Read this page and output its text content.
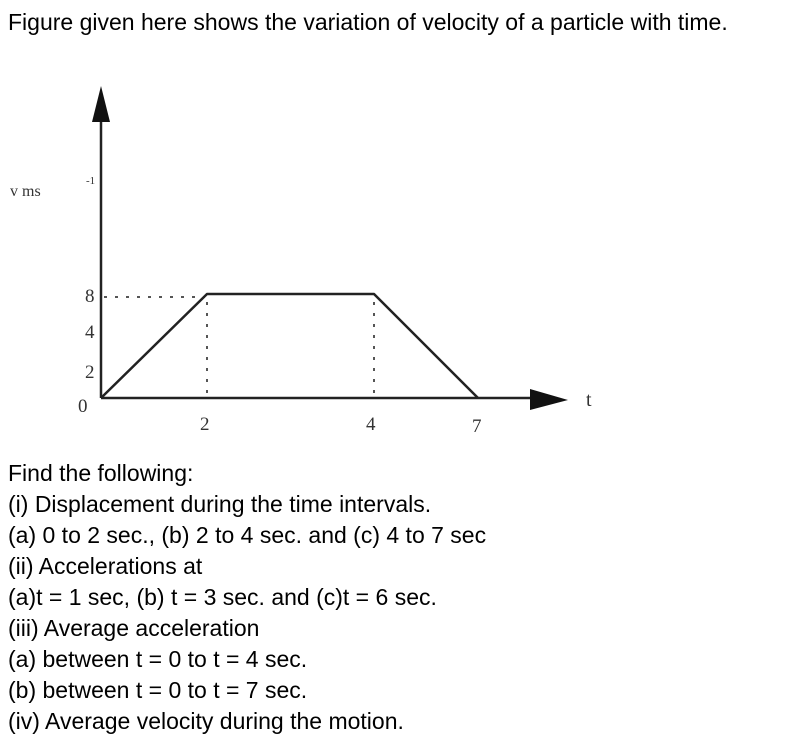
Figure given here shows the variation of velocity of a particle with time.
v ms
-1
8
4
2
0
2	4	7
t
Find the following:
(i) Displacement during the time intervals.
(a) 0 to 2 sec., (b) 2 to 4 sec. and (c) 4 to 7 sec
(ii) Accelerations at
(a)t = 1 sec, (b) t = 3 sec. and (c)t = 6 sec.
(iii) Average acceleration
(a) between t = 0 to t = 4 sec.
(b) between t = 0 to t = 7 sec.
(iv) Average velocity during the motion.
